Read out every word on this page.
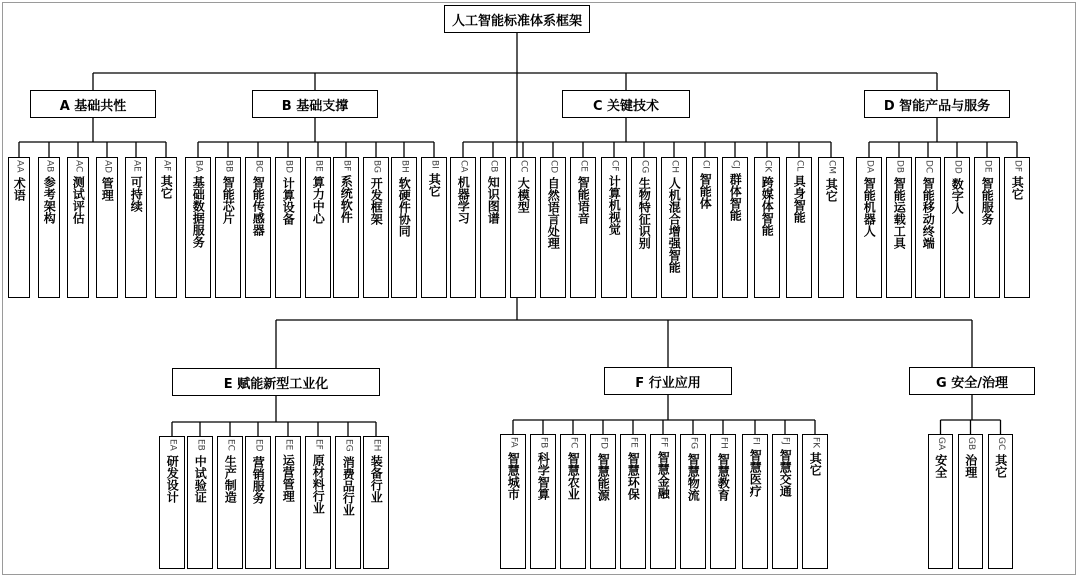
人工智能标准体系框架
A 基础共性	B 基础支撑	C 关键技术	D 智能产品与服务
E 赋能新型工业化	F 行业应用	G 安全/治理
AA
术语
AB
参考架构
AC
测试评估
AD
管理
AE
可持续
AF
其它
BA
基础数据服务
BB
智能芯片
BC
智能传感器
BD
计算设备
BE
算力中心
BF
系统软件
BG
开发框架
BH
软硬件协同
BI
其它
CA
机器学习
CB
知识图谱
CC
大模型
CD
自然语言处理
CE
智能语音
CF
计算机视觉
CG
生物特征识别
CH
人机混合增强智能
CI
智能体
CJ
群体智能
CK
跨媒体智能
CL
具身智能
CM
其它
DA
智能机器人
DB
智能运载工具
DC
智能移动终端
DD
数字人
DE
智能服务
DF
其它
EA
研发设计
EB
中试验证
EC
生产制造
ED
营销服务
EE
运营管理
EF
原材料行业
EG
消费品行业
EH
装备行业
FA
智慧城市
FB
科学智算
FC
智慧农业
FD
智慧能源
FE
智慧环保
FF
智慧金融
FG
智慧物流
FH
智慧教育
FI
智慧医疗
FJ
智慧交通
FK
其它
GA
安全
GB
治理
GC
其它
